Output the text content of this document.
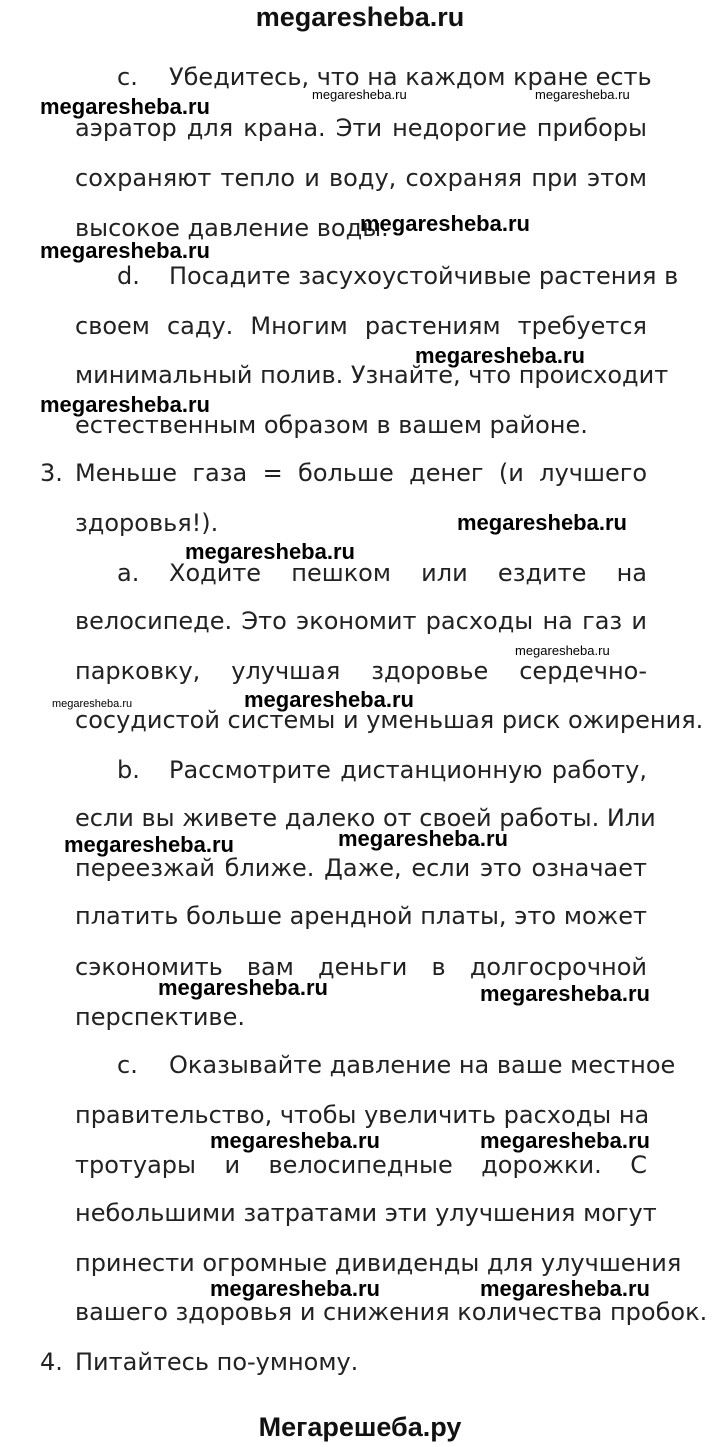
megaresheba.ru
c. Убедитесь, что на каждом кране есть
аэратор для крана. Эти недорогие приборы
сохраняют тепло и воду, сохраняя при этом
высокое давление воды.
d. Посадите засухоустойчивые растения в
своем саду. Многим растениям требуется
минимальный полив. Узнайте, что происходит
естественным образом в вашем районе.
3. Меньше газа = больше денег (и лучшего
здоровья!).
a. Ходите пешком или ездите на
велосипеде. Это экономит расходы на газ и
парковку, улучшая здоровье сердечно-
сосудистой системы и уменьшая риск ожирения.
b. Рассмотрите дистанционную работу,
если вы живете далеко от своей работы. Или
переезжай ближе. Даже, если это означает
платить больше арендной платы, это может
сэкономить вам деньги в долгосрочной
перспективе.
c. Оказывайте давление на ваше местное
правительство, чтобы увеличить расходы на
тротуары и велосипедные дорожки. С
небольшими затратами эти улучшения могут
принести огромные дивиденды для улучшения
вашего здоровья и снижения количества пробок.
4. Питайтесь по-умному.
megaresheba.ru	megaresheba.ru	megaresheba.ru
megaresheba.ru
megaresheba.ru
megaresheba.ru
megaresheba.ru
megaresheba.ru
megaresheba.ru
megaresheba.ru
megaresheba.ru	megaresheba.ru
megaresheba.ru	megaresheba.ru
megaresheba.ru	megaresheba.ru
megaresheba.ru	megaresheba.ru
megaresheba.ru	megaresheba.ru
Мегарешеба.ру
